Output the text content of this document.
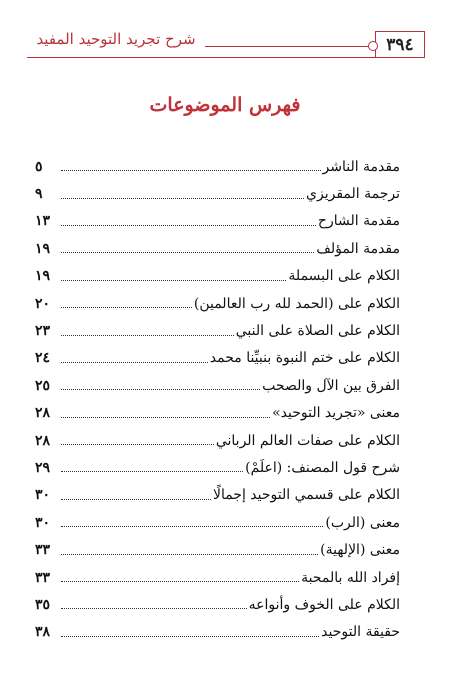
شرح تجريد التوحيد المفيد	٣٩٤
فهرس الموضوعات
مقدمة الناشر
٥
ترجمة المقريزي
٩
مقدمة الشارح
١٣
مقدمة المؤلف
١٩
الكلام على البسملة
١٩
الكلام على (الحمد لله رب العالمين)
٢٠
الكلام على الصلاة على النبي
٢٣
الكلام على ختم النبوة بنبيِّنا محمد
٢٤
الفرق بين الآل والصحب
٢٥
معنى «تجريد التوحيد»
٢٨
الكلام على صفات العالم الرباني
٢٨
شرح قول المصنف: (اعلَمْ)
٢٩
الكلام على قسمي التوحيد إجمالًا
٣٠
معنى (الرب)
٣٠
معنى (الإلهية)
٣٣
إفراد الله بالمحبة
٣٣
الكلام على الخوف وأنواعه
٣٥
حقيقة التوحيد
٣٨
